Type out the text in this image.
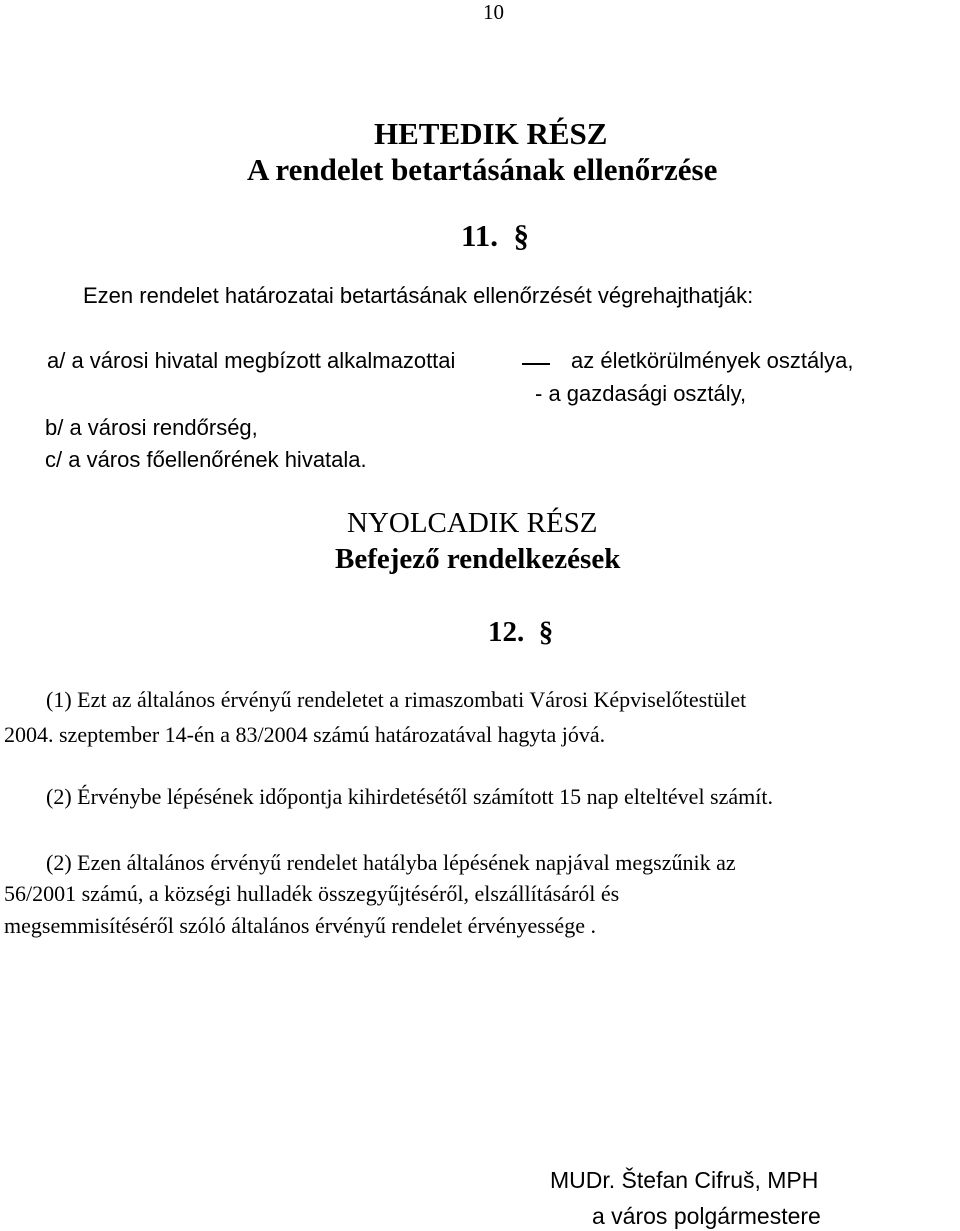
10
HETEDIK RÉSZ
A rendelet betartásának ellenőrzése
11.  §
Ezen rendelet határozatai betartásának ellenőrzését végrehajthatják:
a/ a városi hivatal megbízott alkalmazottai	az életkörülmények osztálya,
- a gazdasági osztály,
b/ a városi rendőrség,
c/ a város főellenőrének hivatala.
NYOLCADIK RÉSZ
Befejező rendelkezések
12.  §
(1) Ezt az általános érvényű rendeletet a rimaszombati Városi Képviselőtestület
2004. szeptember 14-én a 83/2004 számú határozatával hagyta jóvá.
(2) Érvénybe lépésének időpontja kihirdetésétől számított 15 nap elteltével számít.
(2) Ezen általános érvényű rendelet hatályba lépésének napjával megszűnik az
56/2001 számú, a községi hulladék összegyűjtéséről, elszállításáról és
megsemmisítéséről szóló általános érvényű rendelet érvényessége .
MUDr. Štefan Cifruš, MPH
a város polgármestere
